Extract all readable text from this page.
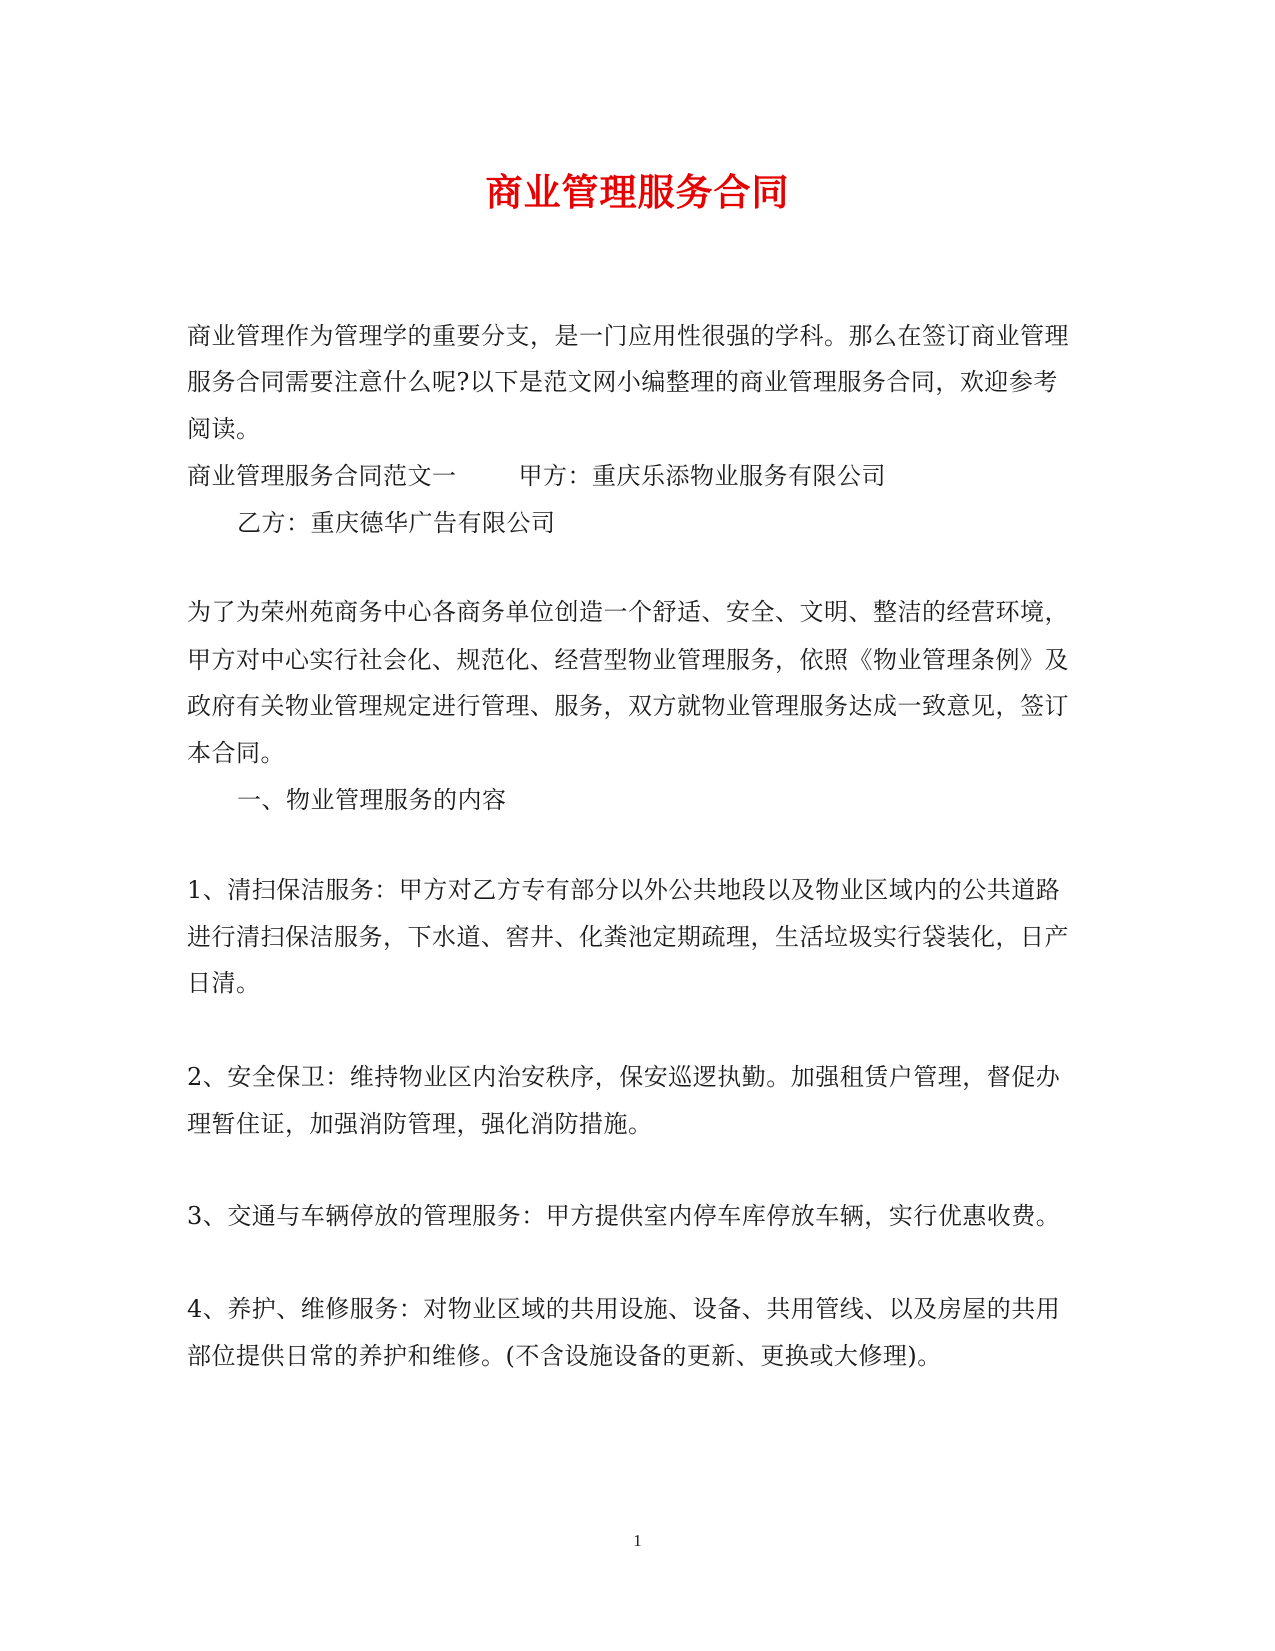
商业管理服务合同
商业管理作为管理学的重要分支，是一门应用性很强的学科。那么在签订商业管理
服务合同需要注意什么呢?以下是范文网小编整理的商业管理服务合同，欢迎参考
阅读。
商业管理服务合同范文一	甲方：重庆乐添物业服务有限公司
乙方：重庆德华广告有限公司
为了为荣州苑商务中心各商务单位创造一个舒适、安全、文明、整洁的经营环境，
甲方对中心实行社会化、规范化、经营型物业管理服务，依照《物业管理条例》及
政府有关物业管理规定进行管理、服务，双方就物业管理服务达成一致意见，签订
本合同。
一、物业管理服务的内容
1、清扫保洁服务：甲方对乙方专有部分以外公共地段以及物业区域内的公共道路
进行清扫保洁服务，下水道、窖井、化粪池定期疏理，生活垃圾实行袋装化，日产
日清。
2、安全保卫：维持物业区内治安秩序，保安巡逻执勤。加强租赁户管理，督促办
理暂住证，加强消防管理，强化消防措施。
3、交通与车辆停放的管理服务：甲方提供室内停车库停放车辆，实行优惠收费。
4、养护、维修服务：对物业区域的共用设施、设备、共用管线、以及房屋的共用
部位提供日常的养护和维修。(不含设施设备的更新、更换或大修理)。
1
